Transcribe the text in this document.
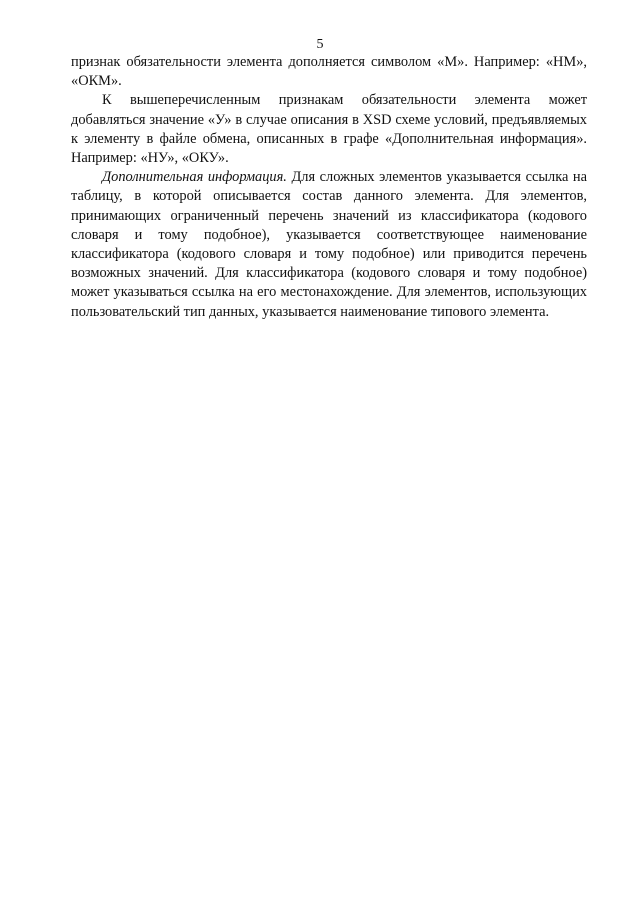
5

признак обязательности элемента дополняется символом «М». Например: «НМ», «ОКМ».

К вышеперечисленным признакам обязательности элемента может добавляться значение «У» в случае описания в XSD схеме условий, предъявляемых к элементу в файле обмена, описанных в графе «Дополнительная информация». Например: «НУ», «ОКУ».

Дополнительная информация. Для сложных элементов указывается ссылка на таблицу, в которой описывается состав данного элемента. Для элементов, принимающих ограниченный перечень значений из классификатора (кодового словаря и тому подобное), указывается соответствующее наименование классификатора (кодового словаря и тому подобное) или приводится перечень возможных значений. Для классификатора (кодового словаря и тому подобное) может указываться ссылка на его местонахождение. Для элементов, использующих пользовательский тип данных, указывается наименование типового элемента.
